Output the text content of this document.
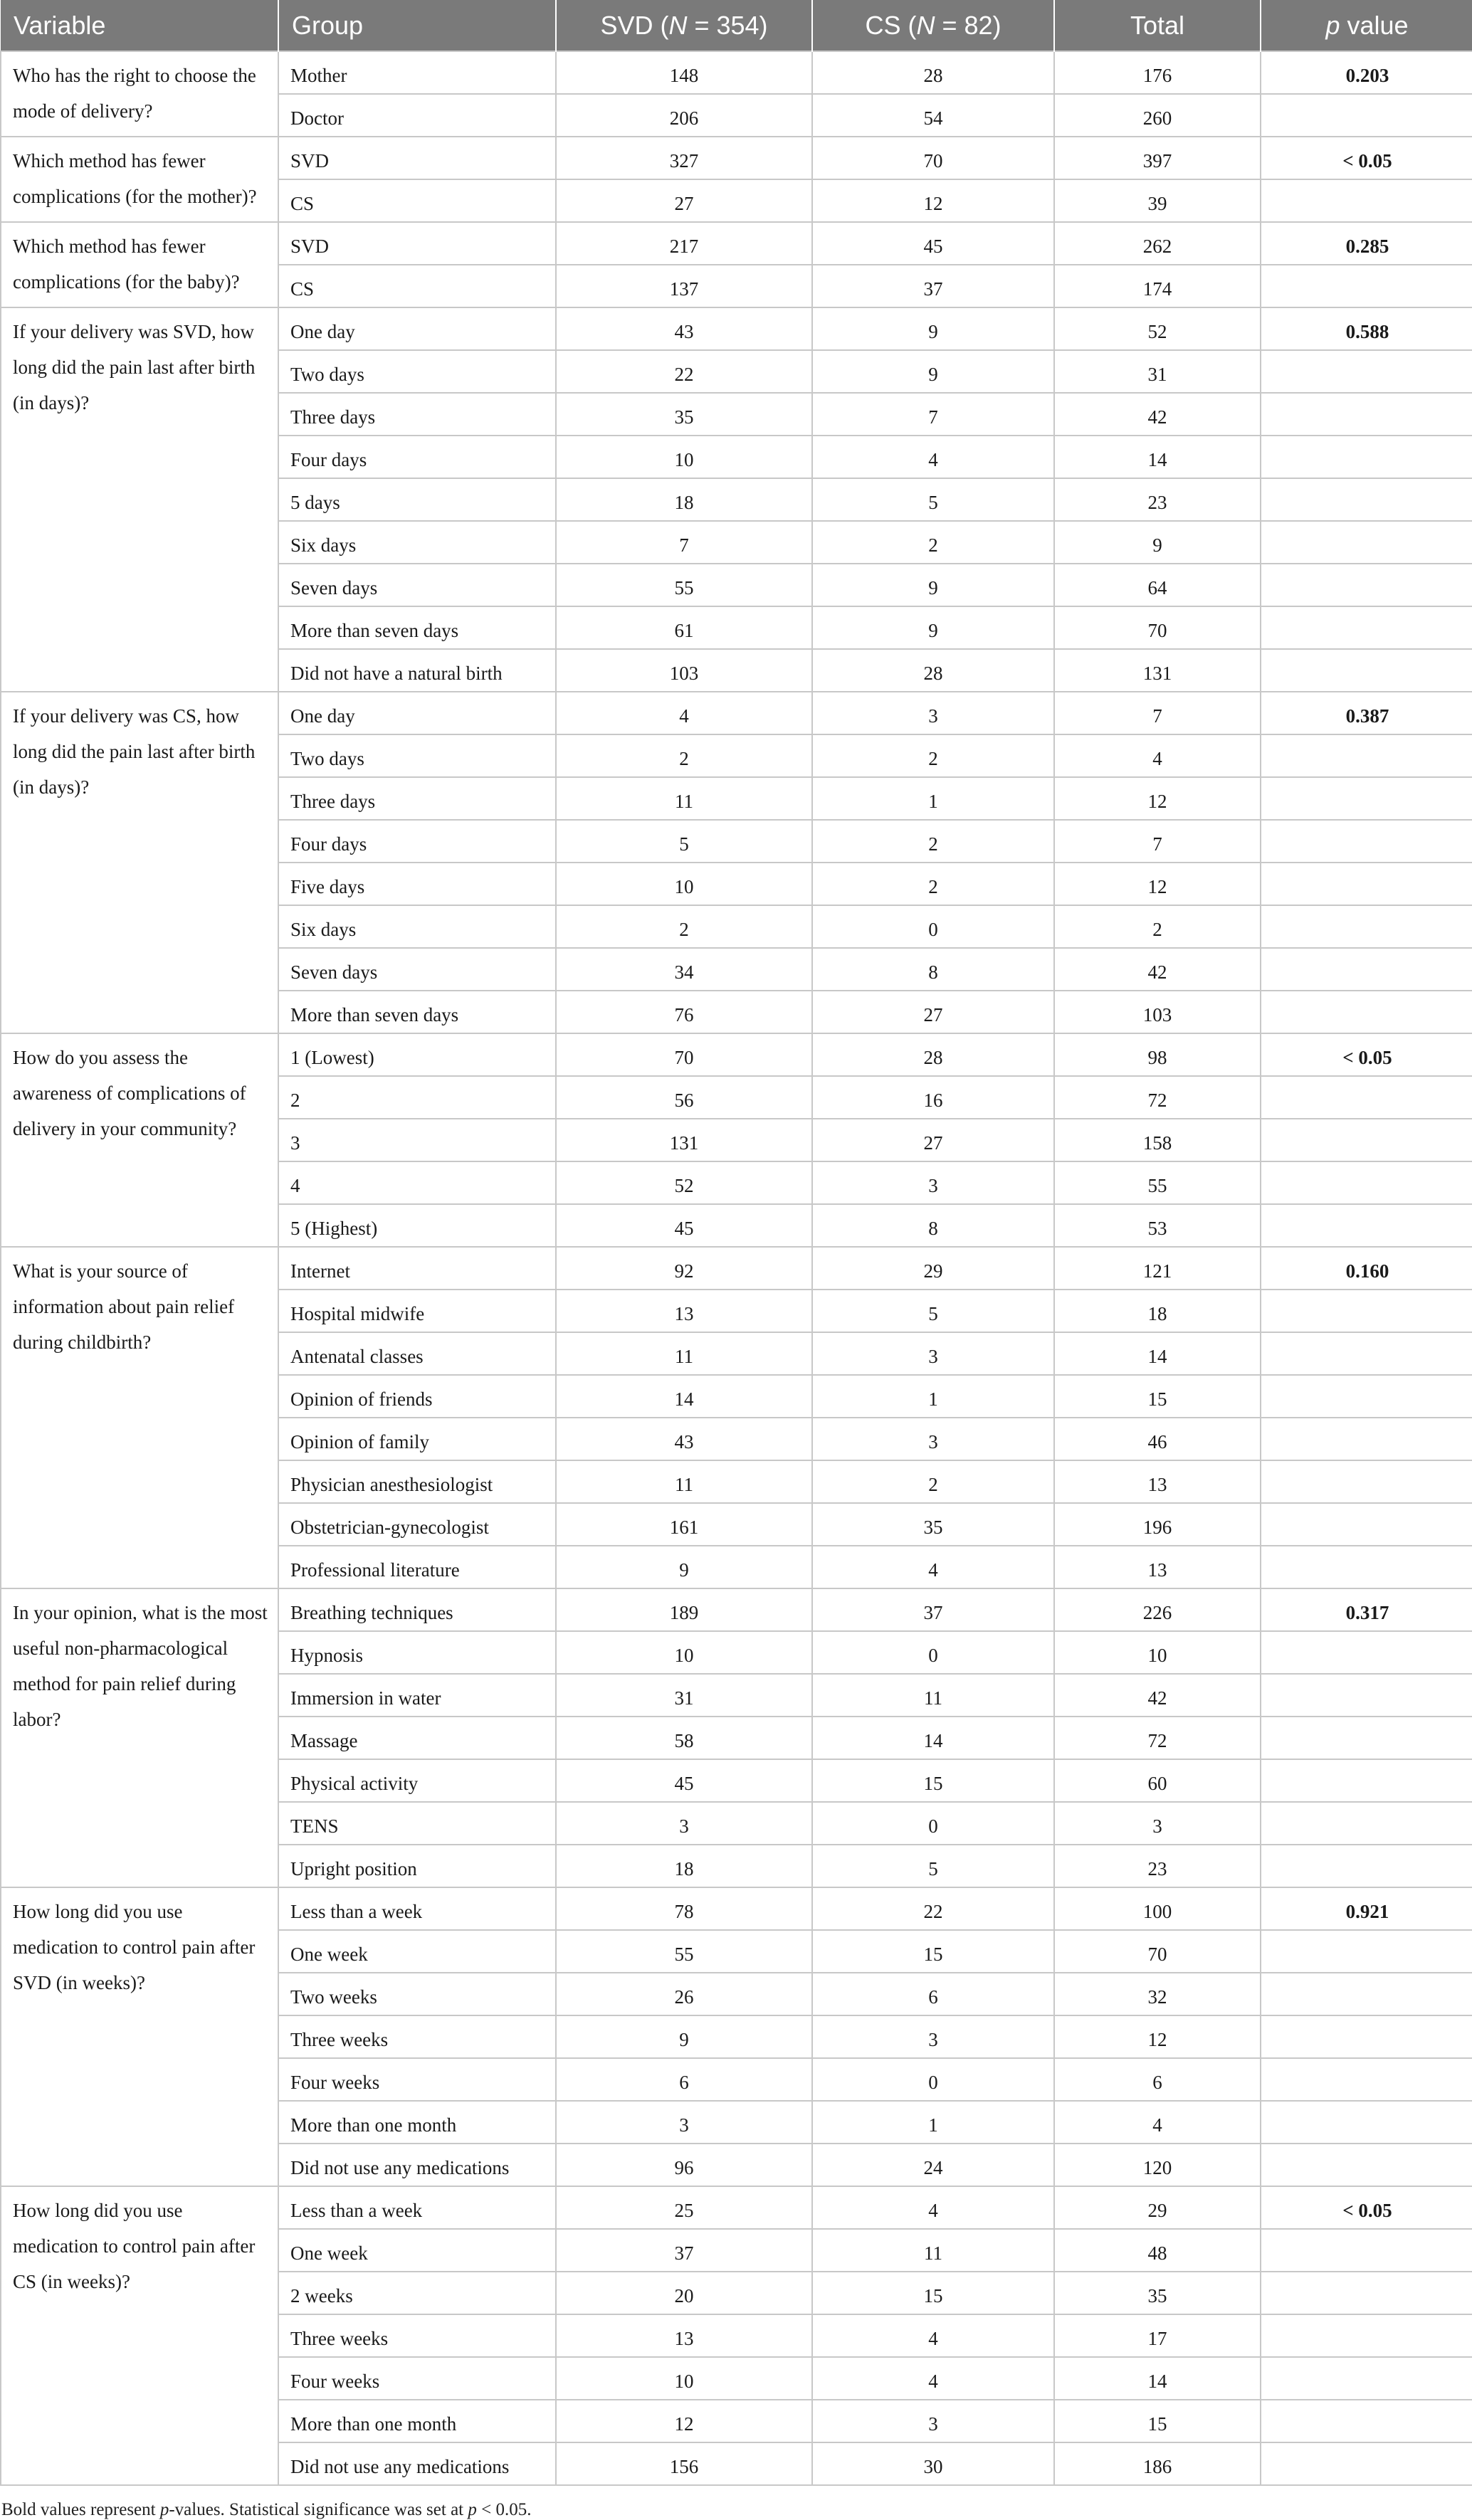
Variable	Group	SVD (N = 354)	CS (N = 82)	Total	p value
Who has the right to choose the mode of delivery?	Mother	148	28	176	0.203
	Doctor	206	54	260	
Which method has fewer complications (for the mother)?	SVD	327	70	397	< 0.05
	CS	27	12	39	
Which method has fewer complications (for the baby)?	SVD	217	45	262	0.285
	CS	137	37	174	
If your delivery was SVD, how long did the pain last after birth (in days)?	One day	43	9	52	0.588
	Two days	22	9	31	
	Three days	35	7	42	
	Four days	10	4	14	
	5 days	18	5	23	
	Six days	7	2	9	
	Seven days	55	9	64	
	More than seven days	61	9	70	
	Did not have a natural birth	103	28	131	
If your delivery was CS, how long did the pain last after birth (in days)?	One day	4	3	7	0.387
	Two days	2	2	4	
	Three days	11	1	12	
	Four days	5	2	7	
	Five days	10	2	12	
	Six days	2	0	2	
	Seven days	34	8	42	
	More than seven days	76	27	103	
How do you assess the awareness of complications of delivery in your community?	1 (Lowest)	70	28	98	< 0.05
	2	56	16	72	
	3	131	27	158	
	4	52	3	55	
	5 (Highest)	45	8	53	
What is your source of information about pain relief during childbirth?	Internet	92	29	121	0.160
	Hospital midwife	13	5	18	
	Antenatal classes	11	3	14	
	Opinion of friends	14	1	15	
	Opinion of family	43	3	46	
	Physician anesthesiologist	11	2	13	
	Obstetrician-gynecologist	161	35	196	
	Professional literature	9	4	13	
In your opinion, what is the most useful non-pharmacological method for pain relief during labor?	Breathing techniques	189	37	226	0.317
	Hypnosis	10	0	10	
	Immersion in water	31	11	42	
	Massage	58	14	72	
	Physical activity	45	15	60	
	TENS	3	0	3	
	Upright position	18	5	23	
How long did you use medication to control pain after SVD (in weeks)?	Less than a week	78	22	100	0.921
	One week	55	15	70	
	Two weeks	26	6	32	
	Three weeks	9	3	12	
	Four weeks	6	0	6	
	More than one month	3	1	4	
	Did not use any medications	96	24	120	
How long did you use medication to control pain after CS (in weeks)?	Less than a week	25	4	29	< 0.05
	One week	37	11	48	
	2 weeks	20	15	35	
	Three weeks	13	4	17	
	Four weeks	10	4	14	
	More than one month	12	3	15	
	Did not use any medications	156	30	186	
Bold values represent p-values. Statistical significance was set at p < 0.05.
